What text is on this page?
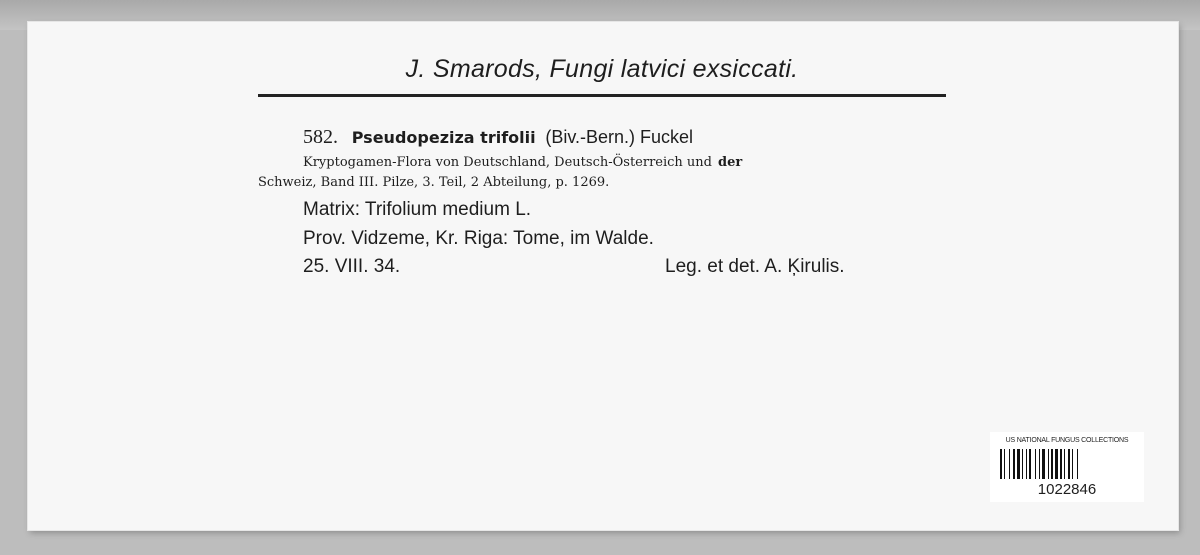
J. Smarods, Fungi latvici exsiccati.
582. Pseudopeziza trifolii (Biv.-Bern.) Fuckel
Kryptogamen-Flora von Deutschland, Deutsch-Österreich und der
Schweiz, Band III. Pilze, 3. Teil, 2 Abteilung, p. 1269.
Matrix: Trifolium medium L.
Prov. Vidzeme, Kr. Riga: Tome, im Walde.
25. VIII. 34.	Leg. et det. A. Ķirulis.
US NATIONAL FUNGUS COLLECTIONS
1022846
